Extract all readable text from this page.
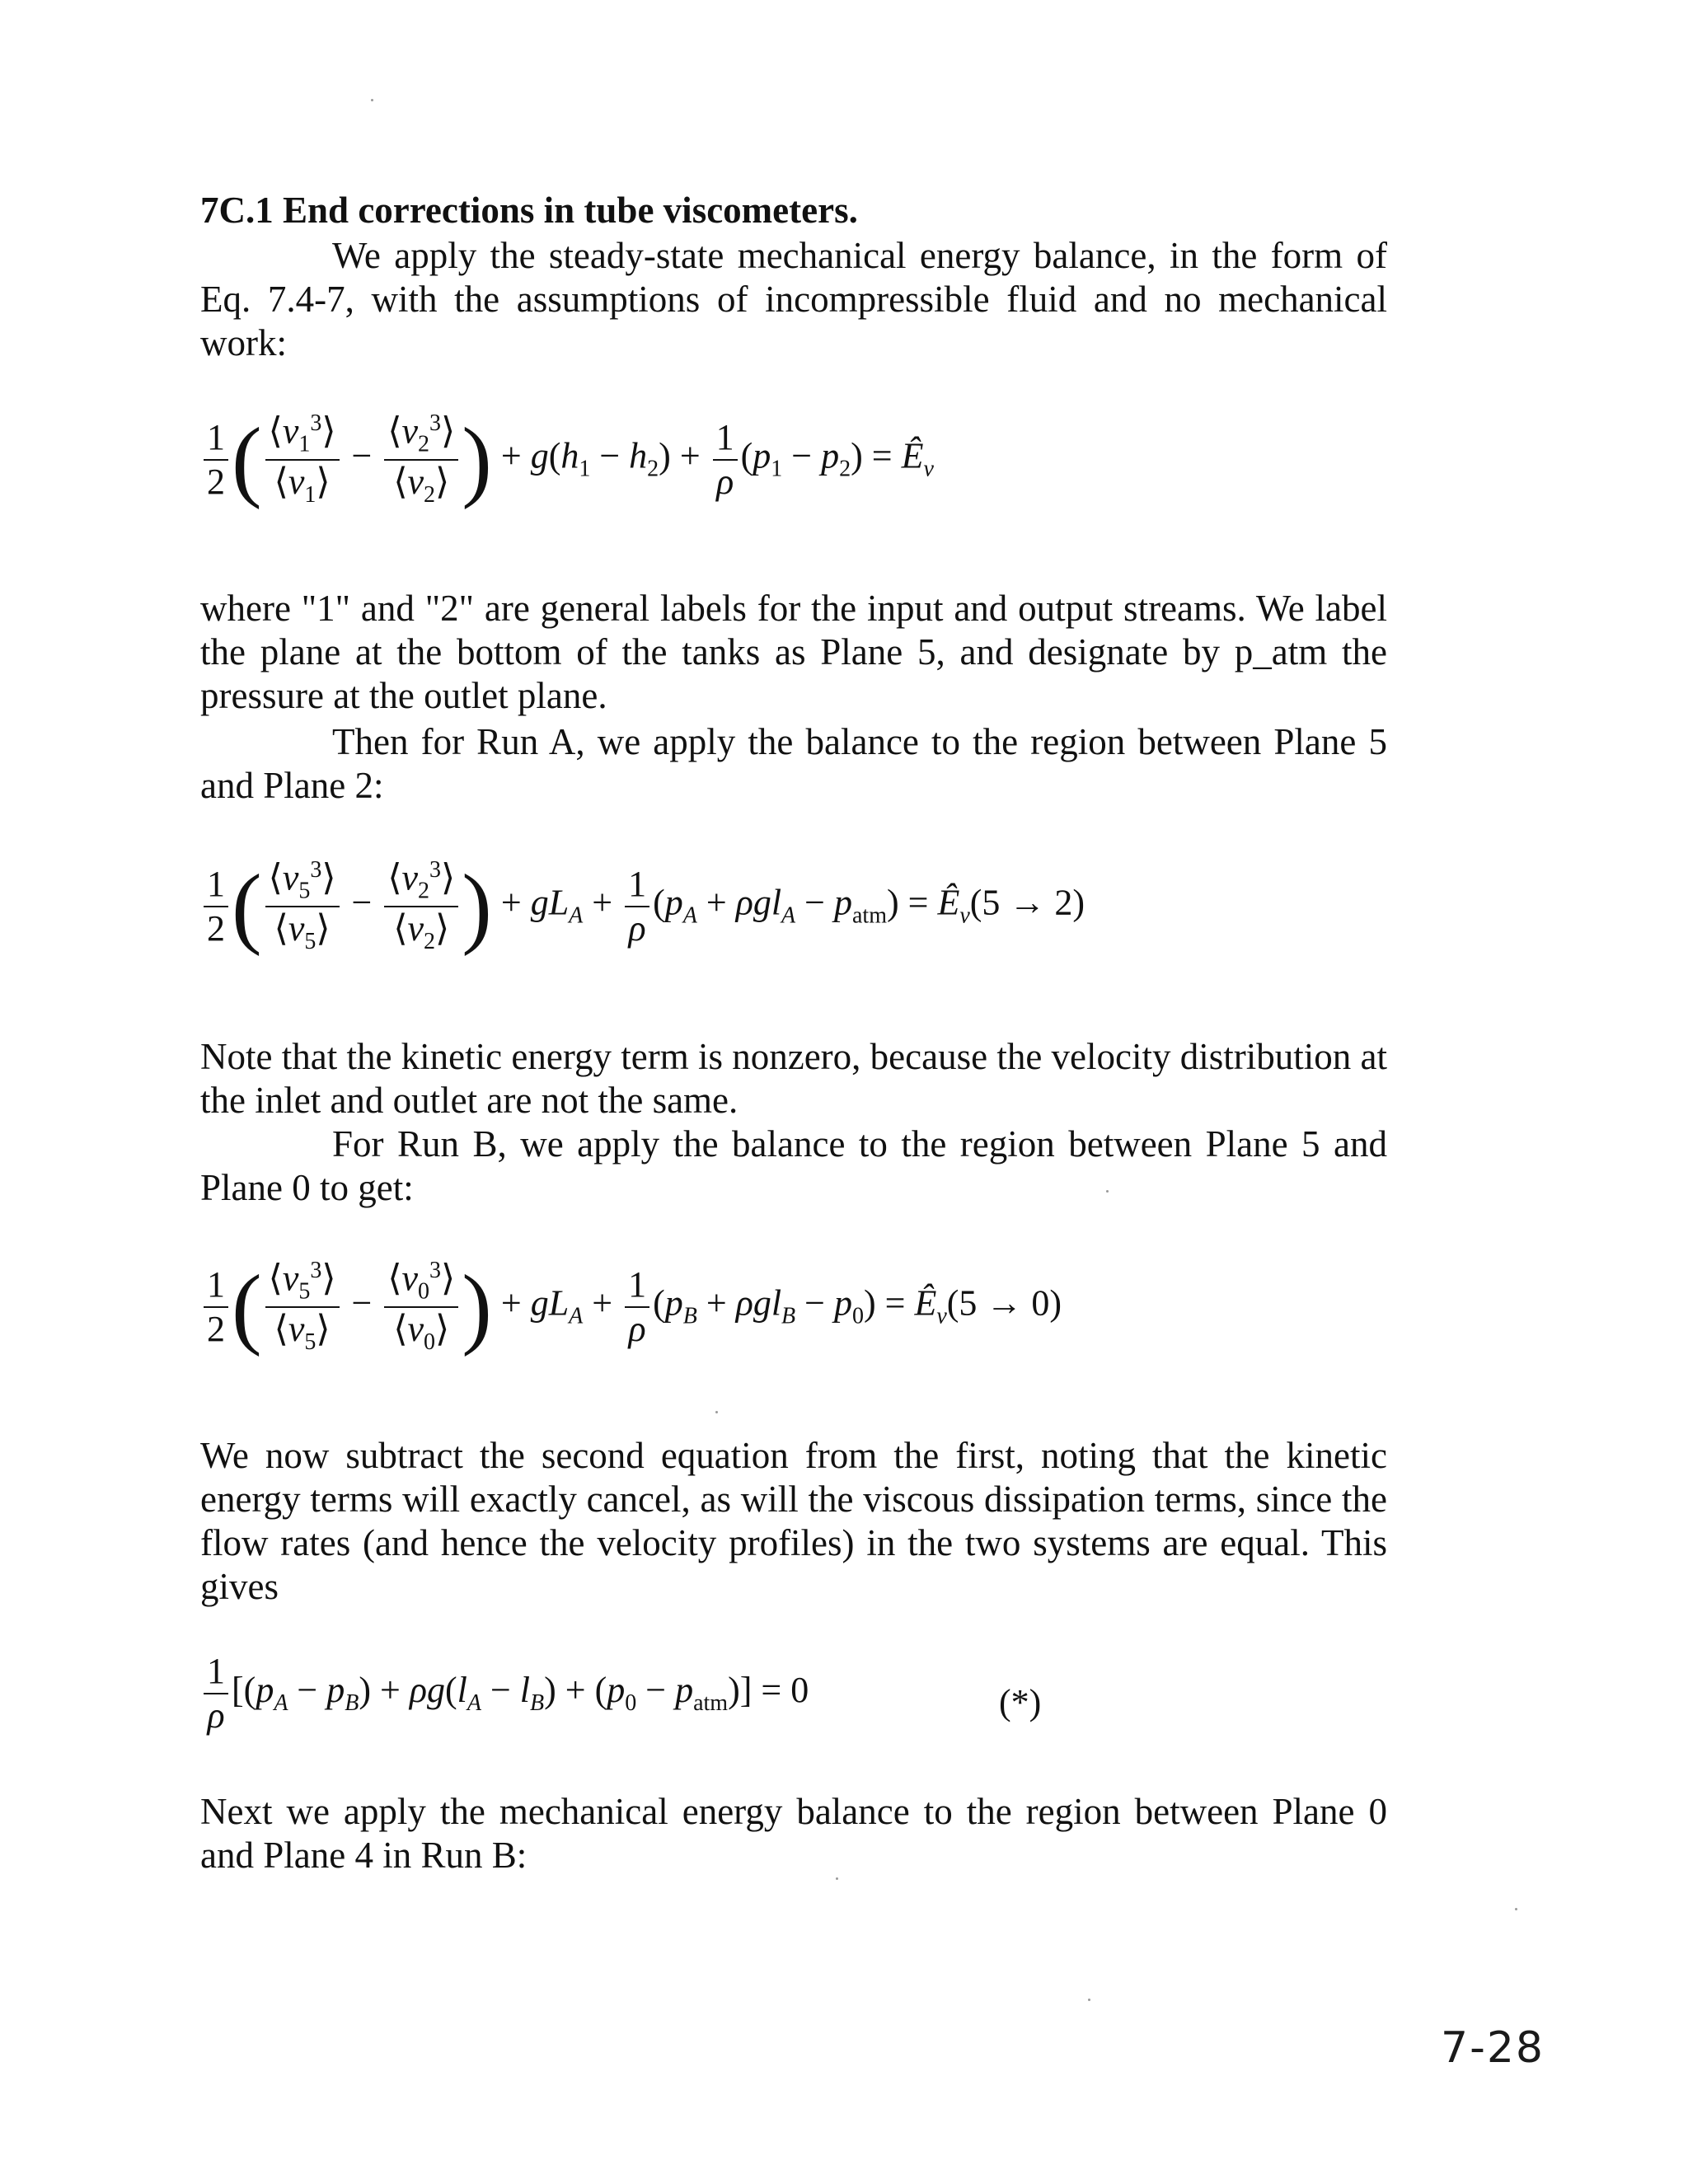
7C.1 End corrections in tube viscometers.
We apply the steady-state mechanical energy balance, in the form of Eq. 7.4-7, with the assumptions of incompressible fluid and no mechanical work:
$\frac{1}{2}$ ( $\frac{⟨v_1^3⟩}{⟨v_1⟩} - \frac{⟨v_2^3⟩}{⟨v_2⟩}$ ) + $g(h_1 - h_2) + \frac{1}{\rho} (p_1 - p_2)$ = $Ê_v$
where "1" and "2" are general labels for the input and output streams. We label the plane at the bottom of the tanks as Plane 5, and designate by p_atm the pressure at the outlet plane.
Then for Run A, we apply the balance to the region between Plane 5 and Plane 2:
$\frac{1}{2}$ ( $\frac{⟨v_5^3⟩}{⟨v_5⟩} - \frac{⟨v_2^3⟩}{⟨v_2⟩}$ ) + $gL_A + \frac{1}{\rho} (p_A + \rho gl_A - p_{atm})$ = $Ê_v(5 \to 2)$
Note that the kinetic energy term is nonzero, because the velocity distribution at the inlet and outlet are not the same.
For Run B, we apply the balance to the region between Plane 5 and Plane 0 to get:
$\frac{1}{2}$ ( $\frac{⟨v_5^3⟩}{⟨v_5⟩} - \frac{⟨v_0^3⟩}{⟨v_0⟩}$ ) + $gL_A + \frac{1}{\rho} (p_B + \rho gl_B - p_0)$ = $Ê_v(5 \to 0)$
We now subtract the second equation from the first, noting that the kinetic energy terms will exactly cancel, as will the viscous dissipation terms, since the flow rates (and hence the velocity profiles) in the two systems are equal. This gives
$\frac{1}{\rho} [(p_A - p_B) + \rho g(l_A - l_B) + (p_0 - p_{atm})] = 0$	(*)
Next we apply the mechanical energy balance to the region between Plane 0 and Plane 4 in Run B:
7-28
